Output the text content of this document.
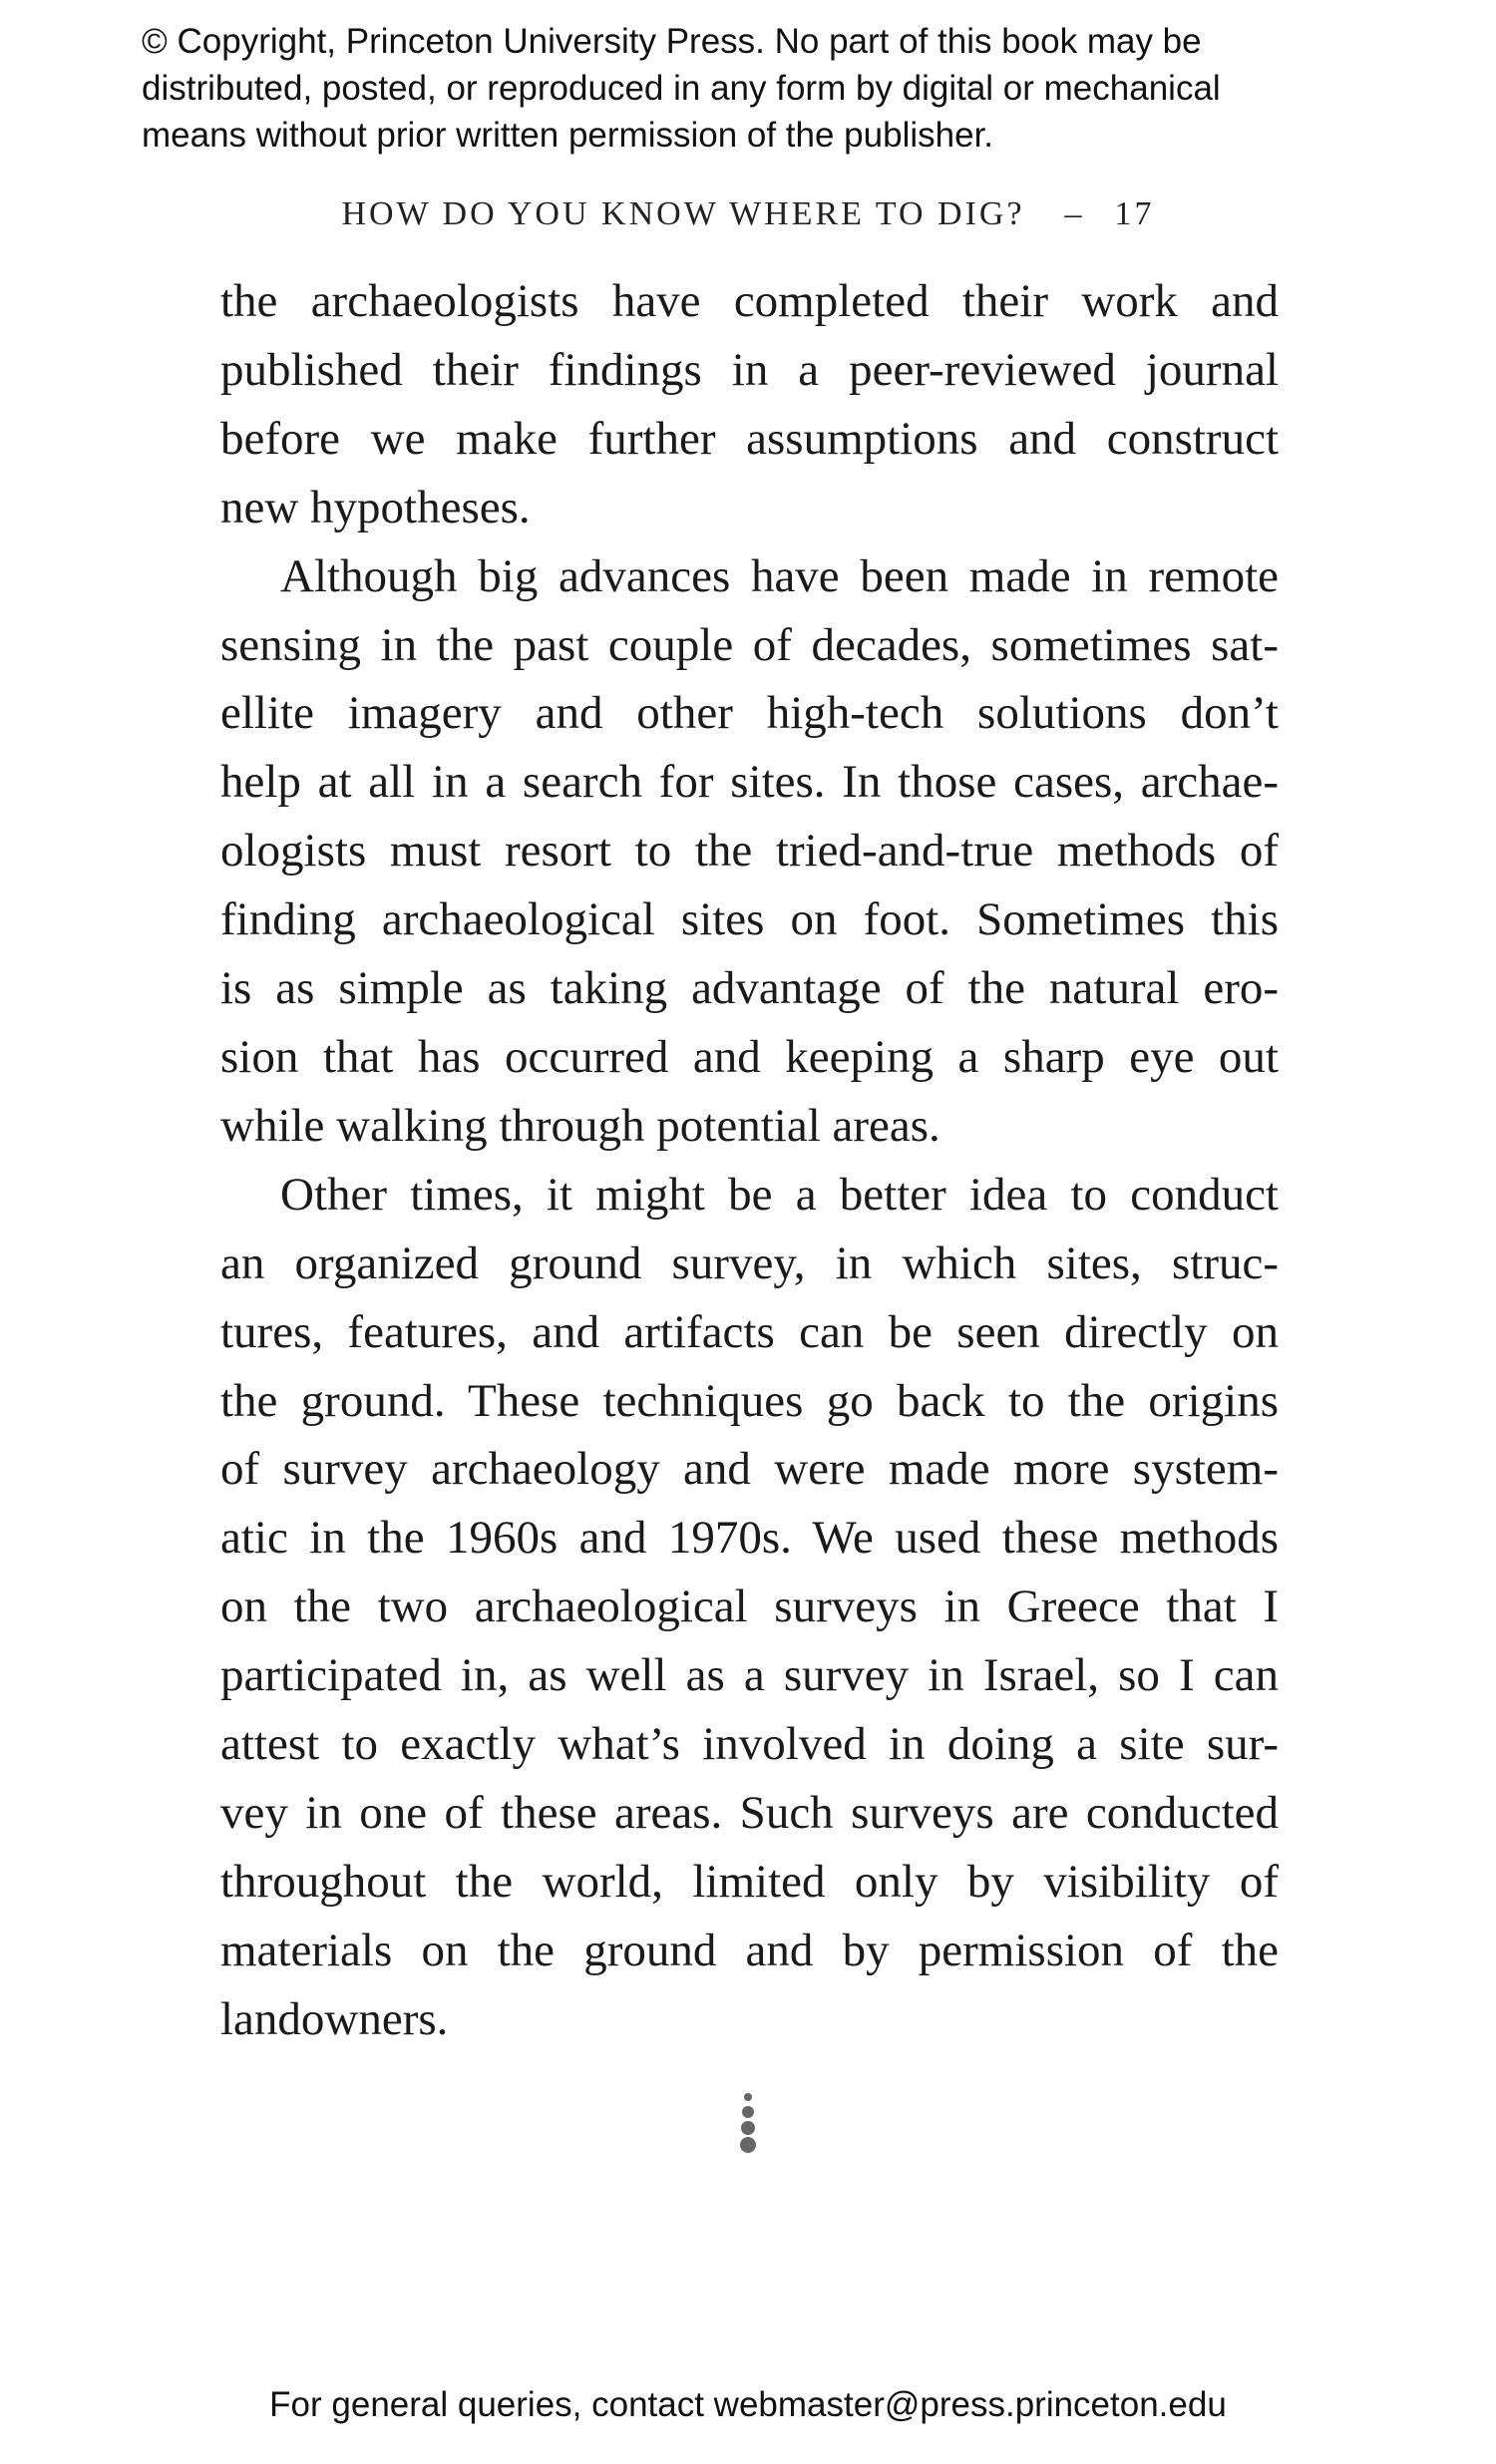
© Copyright, Princeton University Press. No part of this book may be
distributed, posted, or reproduced in any form by digital or mechanical
means without prior written permission of the publisher.
HOW DO YOU KNOW WHERE TO DIG? – 17
the archaeologists have completed their work and
published their findings in a peer-reviewed journal
before we make further assumptions and construct
new hypotheses.
Although big advances have been made in remote
sensing in the past couple of decades, sometimes sat-
ellite imagery and other high-tech solutions don’t
help at all in a search for sites. In those cases, archae-
ologists must resort to the tried-and-true methods of
finding archaeological sites on foot. Sometimes this
is as simple as taking advantage of the natural ero-
sion that has occurred and keeping a sharp eye out
while walking through potential areas.
Other times, it might be a better idea to conduct
an organized ground survey, in which sites, struc-
tures, features, and artifacts can be seen directly on
the ground. These techniques go back to the origins
of survey archaeology and were made more system-
atic in the 1960s and 1970s. We used these methods
on the two archaeological surveys in Greece that I
participated in, as well as a survey in Israel, so I can
attest to exactly what’s involved in doing a site sur-
vey in one of these areas. Such surveys are conducted
throughout the world, limited only by visibility of
materials on the ground and by permission of the
landowners.
For general queries, contact webmaster@press.princeton.edu
